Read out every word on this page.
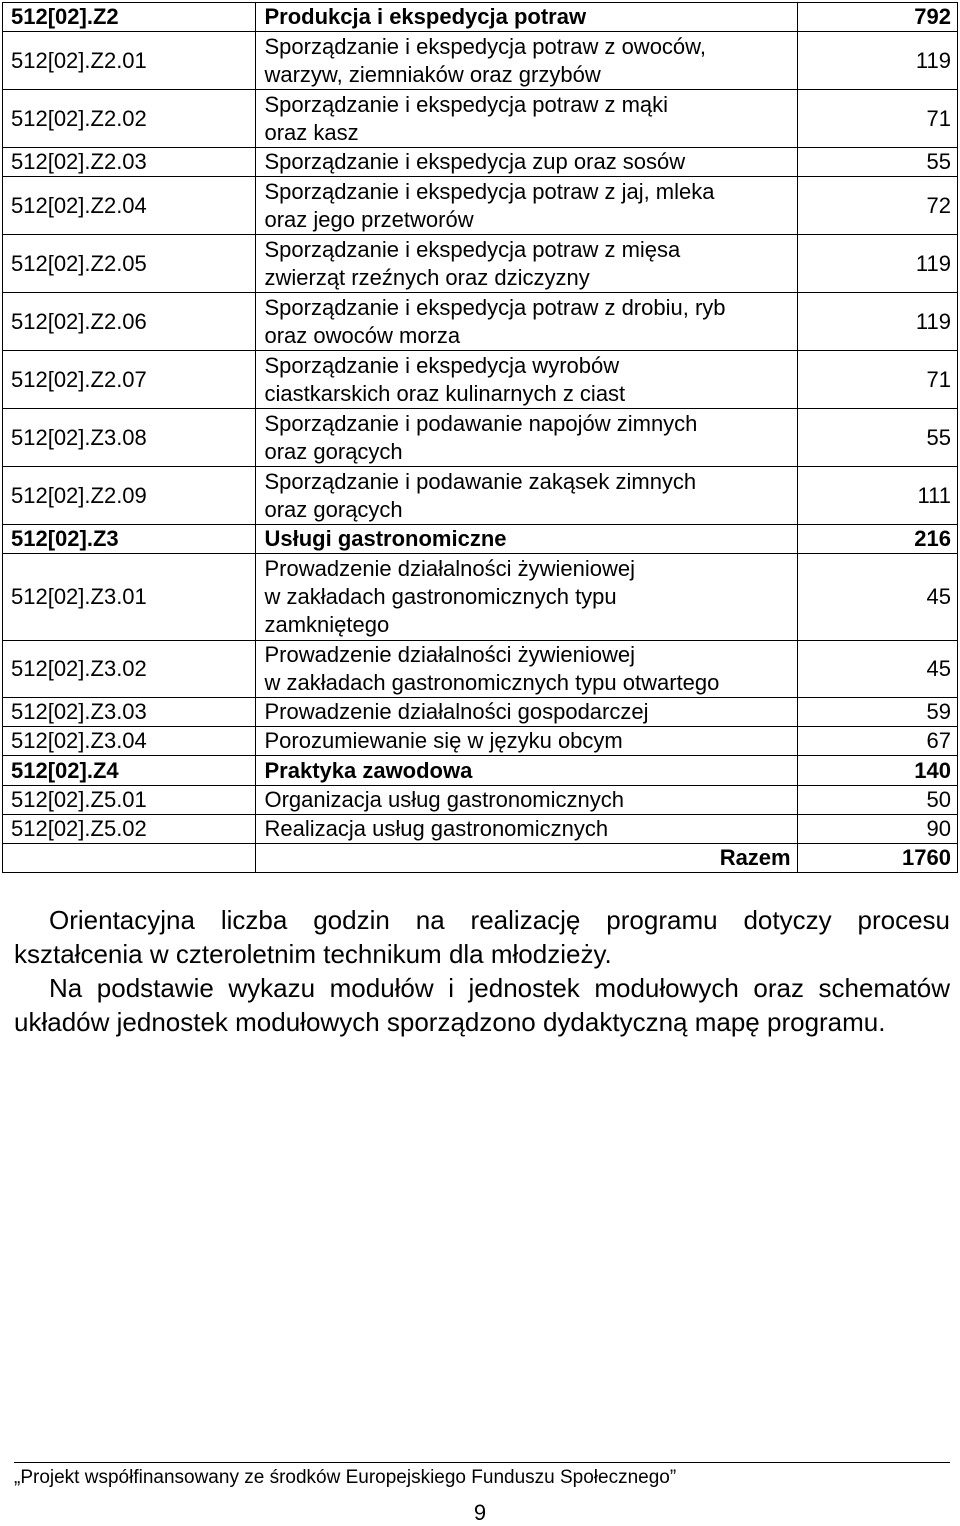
512[02].Z2	Produkcja i ekspedycja potraw	792
512[02].Z2.01	Sporządzanie i ekspedycja potraw z owoców,
warzyw, ziemniaków oraz grzybów	119
512[02].Z2.02	Sporządzanie i ekspedycja potraw z mąki
oraz kasz	71
512[02].Z2.03	Sporządzanie i ekspedycja zup oraz sosów	55
512[02].Z2.04	Sporządzanie i ekspedycja potraw z jaj, mleka
oraz jego przetworów	72
512[02].Z2.05	Sporządzanie i ekspedycja potraw z mięsa
zwierząt rzeźnych oraz dziczyzny	119
512[02].Z2.06	Sporządzanie i ekspedycja potraw z drobiu, ryb
oraz owoców morza	119
512[02].Z2.07	Sporządzanie i ekspedycja wyrobów
ciastkarskich oraz kulinarnych z ciast	71
512[02].Z3.08	Sporządzanie i podawanie napojów zimnych
oraz gorących	55
512[02].Z2.09	Sporządzanie i podawanie zakąsek zimnych
oraz gorących	111
512[02].Z3	Usługi gastronomiczne	216
512[02].Z3.01	Prowadzenie działalności żywieniowej
w zakładach gastronomicznych typu
zamkniętego	45
512[02].Z3.02	Prowadzenie działalności żywieniowej
w zakładach gastronomicznych typu otwartego	45
512[02].Z3.03	Prowadzenie działalności gospodarczej	59
512[02].Z3.04	Porozumiewanie się w języku obcym	67
512[02].Z4	Praktyka zawodowa	140
512[02].Z5.01	Organizacja usług gastronomicznych	50
512[02].Z5.02	Realizacja usług gastronomicznych	90
	Razem	1760

Orientacyjna liczba godzin na realizację programu dotyczy procesu kształcenia w czteroletnim technikum dla młodzieży.

Na podstawie wykazu modułów i jednostek modułowych oraz schematów układów jednostek modułowych sporządzono dydaktyczną mapę programu.

„Projekt współfinansowany ze środków Europejskiego Funduszu Społecznego”
9
